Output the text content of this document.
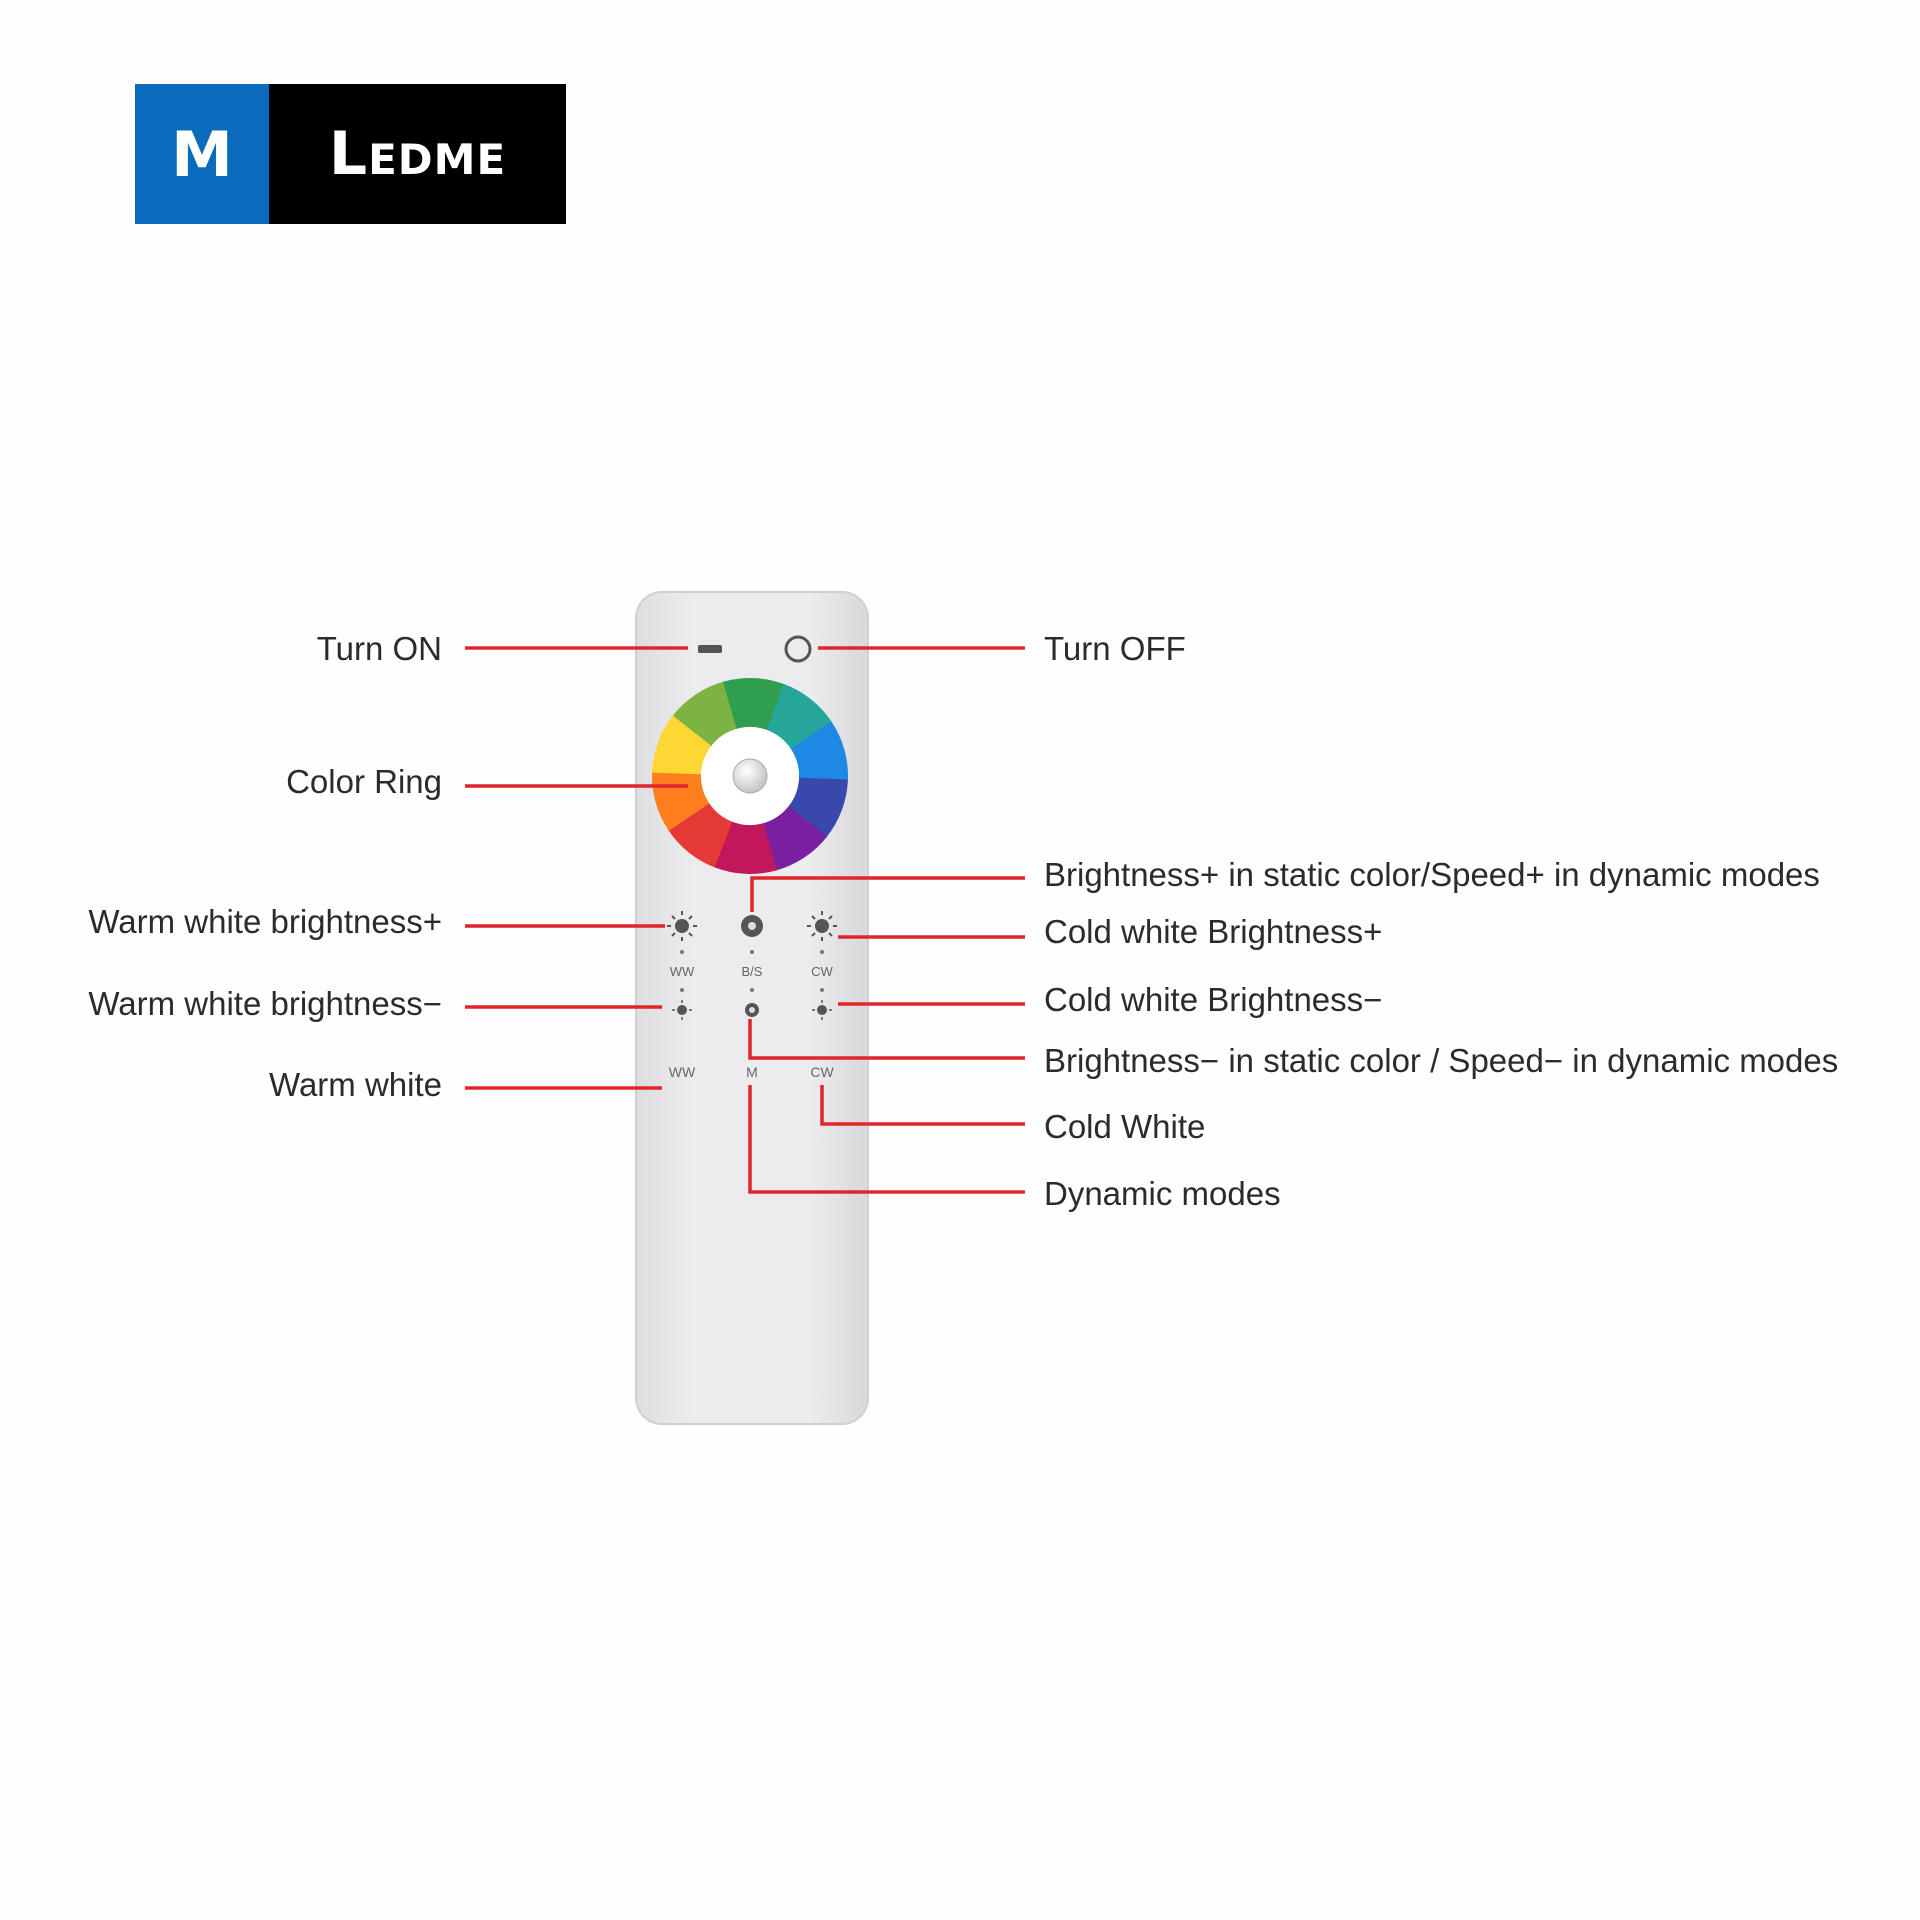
M	Ledme
WW	B/S	CW
WW	M	CW
Turn ON
Color Ring
Warm white brightness+
Warm white brightness−
Warm white
Turn OFF
Brightness+ in static color/Speed+ in dynamic modes
Cold white Brightness+
Cold white Brightness−
Brightness− in static color / Speed− in dynamic modes
Cold White
Dynamic modes
